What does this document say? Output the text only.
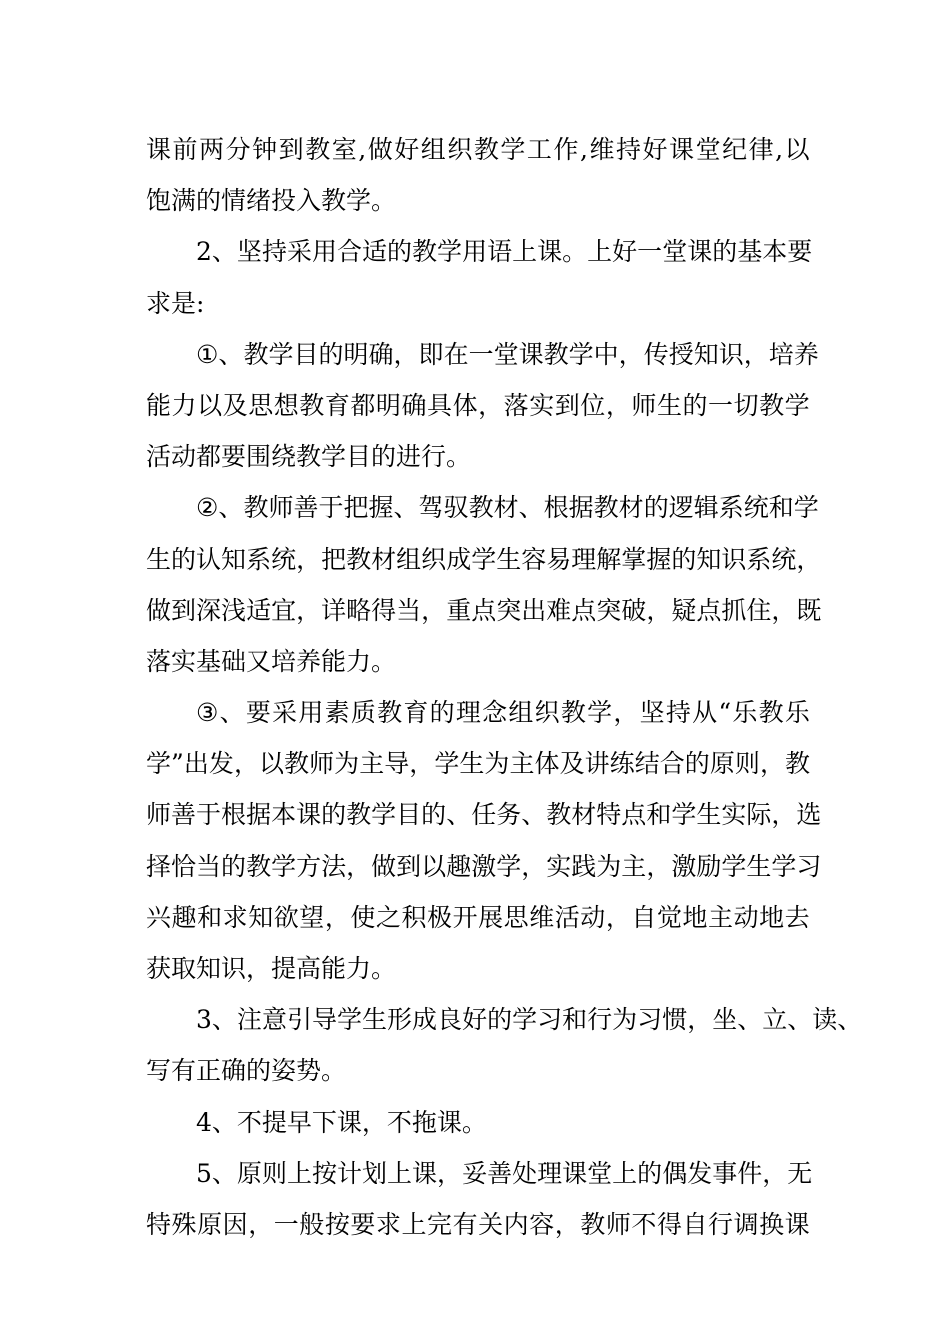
课 前 两 分 钟 到 教 室 , 做 好 组 织 教 学 工 作 , 维 持 好 课 堂 纪 律 , 以
饱满的情绪投入教学。
2 、 坚 持 采 用 合 适 的 教 学 用 语 上 课 。 上 好 一 堂 课 的 基 本 要
求是:
① 、 教 学 目 的 明 确 ， 即 在 一 堂 课 教 学 中 ， 传 授 知 识 ， 培 养
能 力 以 及 思 想 教 育 都 明 确 具 体 ， 落 实 到 位 ， 师 生 的 一 切 教 学
活动都要围绕教学目的进行。
② 、 教 师 善 于 把 握 、 驾 驭 教 材 、 根 据 教 材 的 逻 辑 系 统 和 学
生 的 认 知 系 统 ， 把 教 材 组 织 成 学 生 容 易 理 解 掌 握 的 知 识 系 统 ，
做 到 深 浅 适 宜 ， 详 略 得 当 ， 重 点 突 出 难 点 突 破 ， 疑 点 抓 住 ， 既
落实基础又培养能力。
③ 、 要 采 用 素 质 教 育 的 理 念 组 织 教 学 ， 坚 持 从 “ 乐 教 乐
学 ” 出 发 ， 以 教 师 为 主 导 ， 学 生 为 主 体 及 讲 练 结 合 的 原 则 ， 教
师 善 于 根 据 本 课 的 教 学 目 的 、 任 务 、 教 材 特 点 和 学 生 实 际 ， 选
择 恰 当 的 教 学 方 法 ， 做 到 以 趣 激 学 ， 实 践 为 主 ， 激 励 学 生 学 习
兴 趣 和 求 知 欲 望 ， 使 之 积 极 开 展 思 维 活 动 ， 自 觉 地 主 动 地 去
获取知识，提高能力。
3 、 注 意 引 导 学 生 形 成 良 好 的 学 习 和 行 为 习 惯 ， 坐 、 立 、 读 、
写有正确的姿势。
4、不提早下课，不拖课。
5 、 原 则 上 按 计 划 上 课 ， 妥 善 处 理 课 堂 上 的 偶 发 事 件 ， 无
特 殊 原 因 ， 一 般 按 要 求 上 完 有 关 内 容 ， 教 师 不 得 自 行 调 换 课
